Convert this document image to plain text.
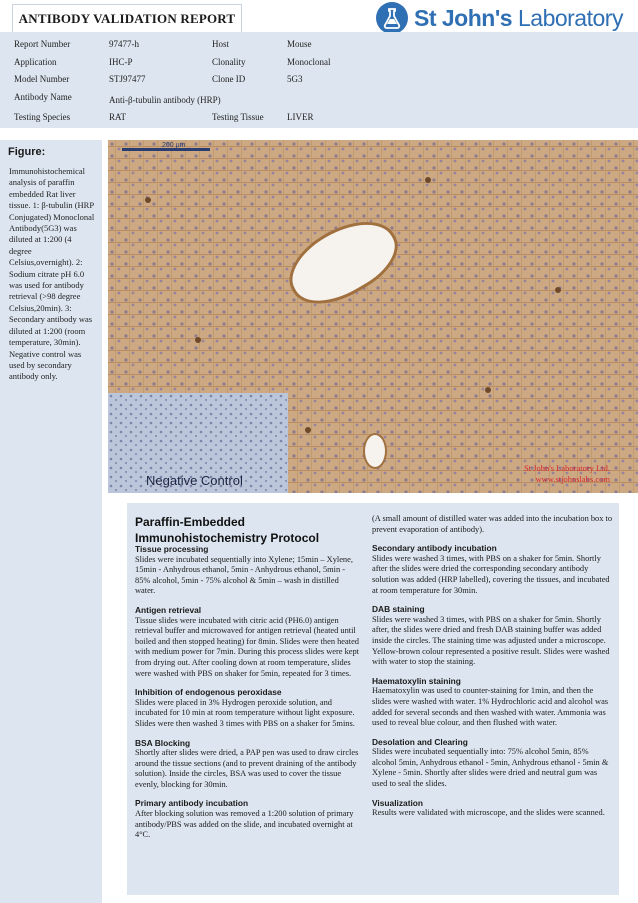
ANTIBODY VALIDATION REPORT	St John's Laboratory
Report Number	97477-h	Host	Mouse
Application	IHC-P	Clonality	Monoclonal
Model Number	STJ97477	Clone ID	5G3
Antibody Name	Anti-β-tubulin antibody (HRP)
Testing Species	RAT	Testing Tissue	LIVER
Figure:
Immunohistochemical analysis of paraffin embedded Rat liver tissue. 1: β-tubulin (HRP Conjugated) Monoclonal Antibody(5G3) was diluted at 1:200 (4 degree Celsius,overnight). 2: Sodium citrate pH 6.0 was used for antibody retrieval (>98 degree Celsius,20min). 3: Secondary antibody was diluted at 1:200 (room temperature, 30min). Negative control was used by secondary antibody only.
200 μm
Negative Control
St John's Laboratory Ltd.
www.stjohnslabs.com
Paraffin-Embedded
Immunohistochemistry Protocol
Tissue processing

Slides were incubated sequentially into Xylene; 15min – Xylene, 15min - Anhydrous ethanol, 5min - Anhydrous ethanol, 5min - 85% alcohol, 5min - 75% alcohol & 5min – wash in distilled water.

Antigen retrieval

Tissue slides were incubated with citric acid (PH6.0) antigen retrieval buffer and microwaved for antigen retrieval (heated until boiled and then stopped heating) for 8min. Slides were then heated with medium power for 7min. During this process slides were kept from drying out. After cooling down at room temperature, slides were washed with PBS on shaker for 5min, repeated for 3 times.

Inhibition of endogenous peroxidase

Slides were placed in 3% Hydrogen peroxide solution, and incubated for 10 min at room temperature without light exposure. Slides were then washed 3 times with PBS on a shaker for 5mins.

BSA Blocking

Shortly after slides were dried, a PAP pen was used to draw circles around the tissue sections (and to prevent draining of the antibody solution). Inside the circles, BSA was used to cover the tissue evenly, blocking for 30min.

Primary antibody incubation

After blocking solution was removed a 1:200 solution of primary antibody/PBS was added on the slide, and incubated overnight at 4°C.

(A small amount of distilled water was added into the incubation box to prevent evaporation of antibody).

Secondary antibody incubation

Slides were washed 3 times, with PBS on a shaker for 5min. Shortly after the slides were dried the corresponding secondary antibody solution was added (HRP labelled), covering the tissues, and incubated at room temperature for 30min.

DAB staining

Slides were washed 3 times, with PBS on a shaker for 5min. Shortly after, the slides were dried and fresh DAB staining buffer was added inside the circles. The staining time was adjusted under a microscope. Yellow-brown colour represented a positive result. Slides were washed with water to stop the staining.

Haematoxylin staining

Haematoxylin was used to counter-staining for 1min, and then the slides were washed with water. 1% Hydrochloric acid and alcohol was added for several seconds and then washed with water. Ammonia was used to reveal blue colour, and then flushed with water.

Desolation and Clearing

Slides were incubated sequentially into: 75% alcohol 5min, 85% alcohol 5min, Anhydrous ethanol - 5min, Anhydrous ethanol - 5min & Xylene - 5min. Shortly after slides were dried and neutral gum was used to seal the slides.

Visualization

Results were validated with microscope, and the slides were scanned.
